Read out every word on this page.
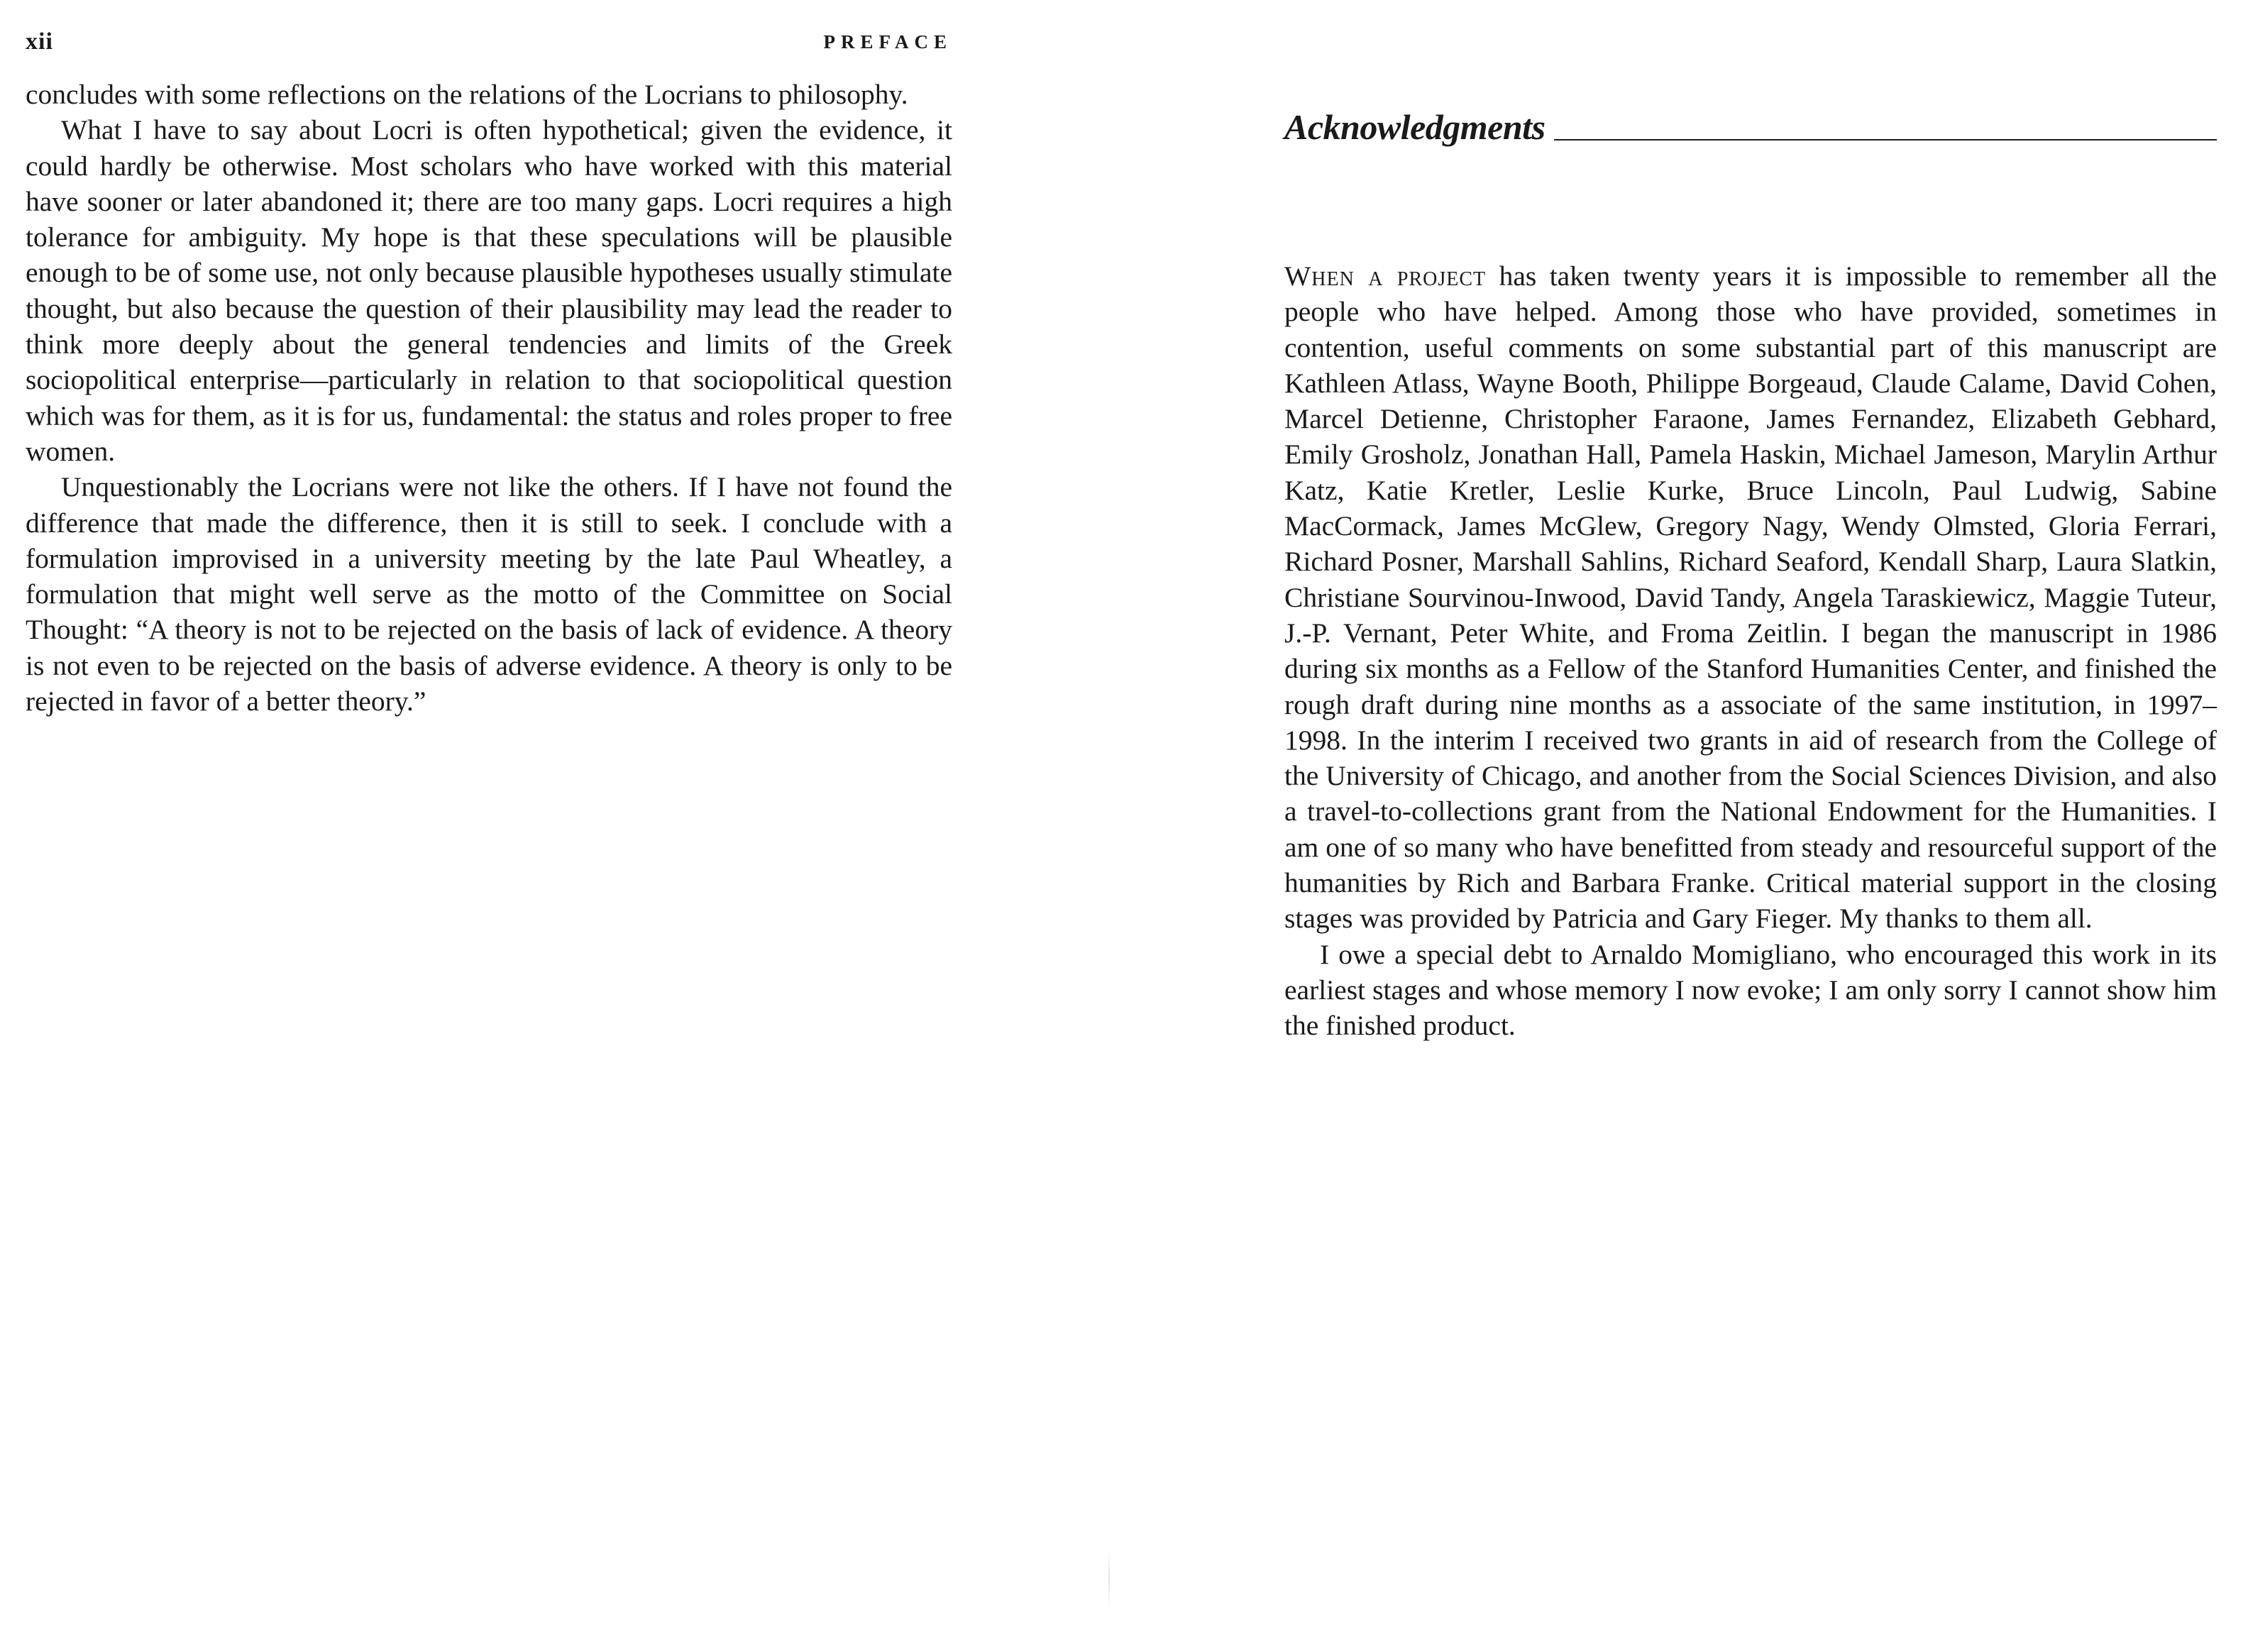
xii	PREFACE

concludes with some reflections on the relations of the Locrians to philosophy.

What I have to say about Locri is often hypothetical; given the evidence, it could hardly be otherwise. Most scholars who have worked with this material have sooner or later abandoned it; there are too many gaps. Locri requires a high tolerance for ambiguity. My hope is that these speculations will be plausible enough to be of some use, not only because plausible hypotheses usually stimulate thought, but also because the question of their plausibility may lead the reader to think more deeply about the general tendencies and limits of the Greek sociopolitical enterprise—particularly in relation to that sociopolitical question which was for them, as it is for us, fundamental: the status and roles proper to free women.

Unquestionably the Locrians were not like the others. If I have not found the difference that made the difference, then it is still to seek. I conclude with a formulation improvised in a university meeting by the late Paul Wheatley, a formulation that might well serve as the motto of the Committee on Social Thought: “A theory is not to be rejected on the basis of lack of evidence. A theory is not even to be rejected on the basis of adverse evidence. A theory is only to be rejected in favor of a better theory.”

Acknowledgments

When a project has taken twenty years it is impossible to remember all the people who have helped. Among those who have provided, sometimes in contention, useful comments on some substantial part of this manuscript are Kathleen Atlass, Wayne Booth, Philippe Borgeaud, Claude Calame, David Cohen, Marcel Detienne, Christopher Faraone, James Fernandez, Elizabeth Gebhard, Emily Grosholz, Jonathan Hall, Pamela Haskin, Michael Jameson, Marylin Arthur Katz, Katie Kretler, Leslie Kurke, Bruce Lincoln, Paul Ludwig, Sabine MacCormack, James McGlew, Gregory Nagy, Wendy Olmsted, Gloria Ferrari, Richard Posner, Marshall Sahlins, Richard Seaford, Kendall Sharp, Laura Slatkin, Christiane Sourvinou-Inwood, David Tandy, Angela Taraskiewicz, Maggie Tuteur, J.-P. Vernant, Peter White, and Froma Zeitlin. I began the manuscript in 1986 during six months as a Fellow of the Stanford Humanities Center, and finished the rough draft during nine months as a associate of the same institution, in 1997–1998. In the interim I received two grants in aid of research from the College of the University of Chicago, and another from the Social Sciences Division, and also a travel-to-collections grant from the National Endowment for the Humanities. I am one of so many who have benefitted from steady and resourceful support of the humanities by Rich and Barbara Franke. Critical material support in the closing stages was provided by Patricia and Gary Fieger. My thanks to them all.

I owe a special debt to Arnaldo Momigliano, who encouraged this work in its earliest stages and whose memory I now evoke; I am only sorry I cannot show him the finished product.
